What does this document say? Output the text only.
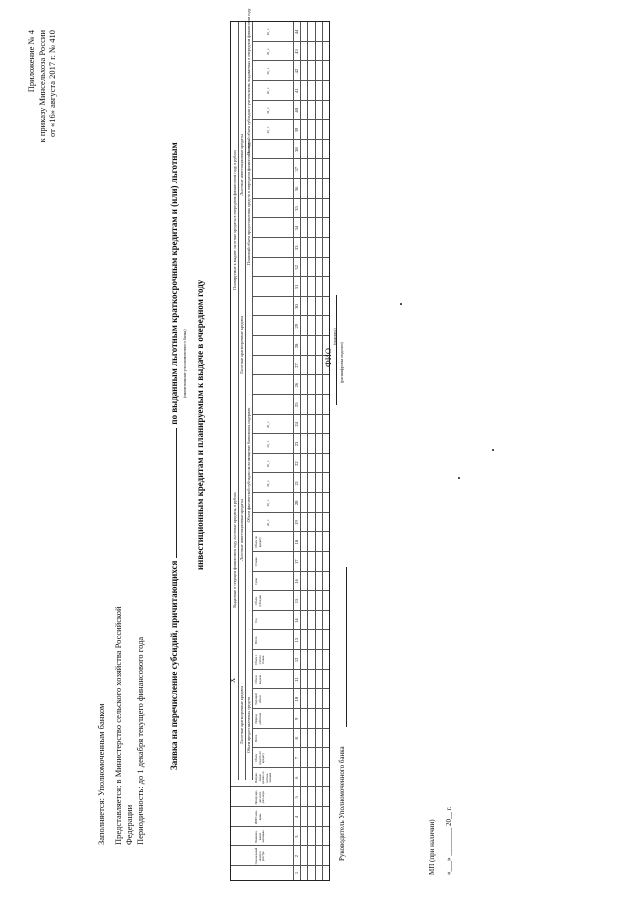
Приложение № 4 к приказу Минсельхоза России от «16» августа 2017 г. № 410
Заполняется: Уполномоченным банком Представляется: в Министерство сельского хозяйства Российской Федерации Периодичность: до 1 декабря текущего финансового года	Заявка на перечисление субсидий, причитающихсяпо выданным льготным краткосрочным кредитам и (или) льготным (наименование уполномоченного банка) инвестиционным кредитам и планируемым к выдаче в очередном году
Х
Выданные в текущем финансовом году льготные кредиты, в рублях
Планируемые к выдаче льготные кредиты в очередном финансовом году, в рублях
Льготные краткосрочные кредиты
Льготные инвестиционные кредиты
Льготные краткосрочные кредиты
Льготные инвестиционные кредиты
Объем предоставленных средств
Объем фактической субсидии на возмещение банковских издержек
Плановый объем предоставления средств в очередном финансовом году
Плановый объем субсидии с учетом вновь выдаваемых в очередном финансовом году
1
2
3
4
5
6
7
8
9
10
11
12
13
14
15
16
17
18
19
20
21
22
23
24
25
26
27
28
29
30
31
32
33
34
35
36
37
38
39
40
41
42
43
44
Уни-кальный номер в реестре
Наимено-вание заемщика
ИНН заем-щика
Номер кре-дит-ного дого-вора
Направ-ление целево-го исполь-зования
Объем средств по кредиту
Всего
Период действия
Текущий объем
Объем выдачи
Объем с учетом ставки
Всего
Год
Объем субсидии
Срок
Ставка
Объем по кредиту
20_ г.
20_ г.
20_ г.
20_ г.
20_ г.
20_ г.
20_ г.
20_ г.
20_ г.
20_ г.
20_ г.
20_ г.
(подпись)
Руководитель Уполномоченного банка
ФИО (расшифровка подписи)
МП (при наличии) «___» ________ 20__ г.
